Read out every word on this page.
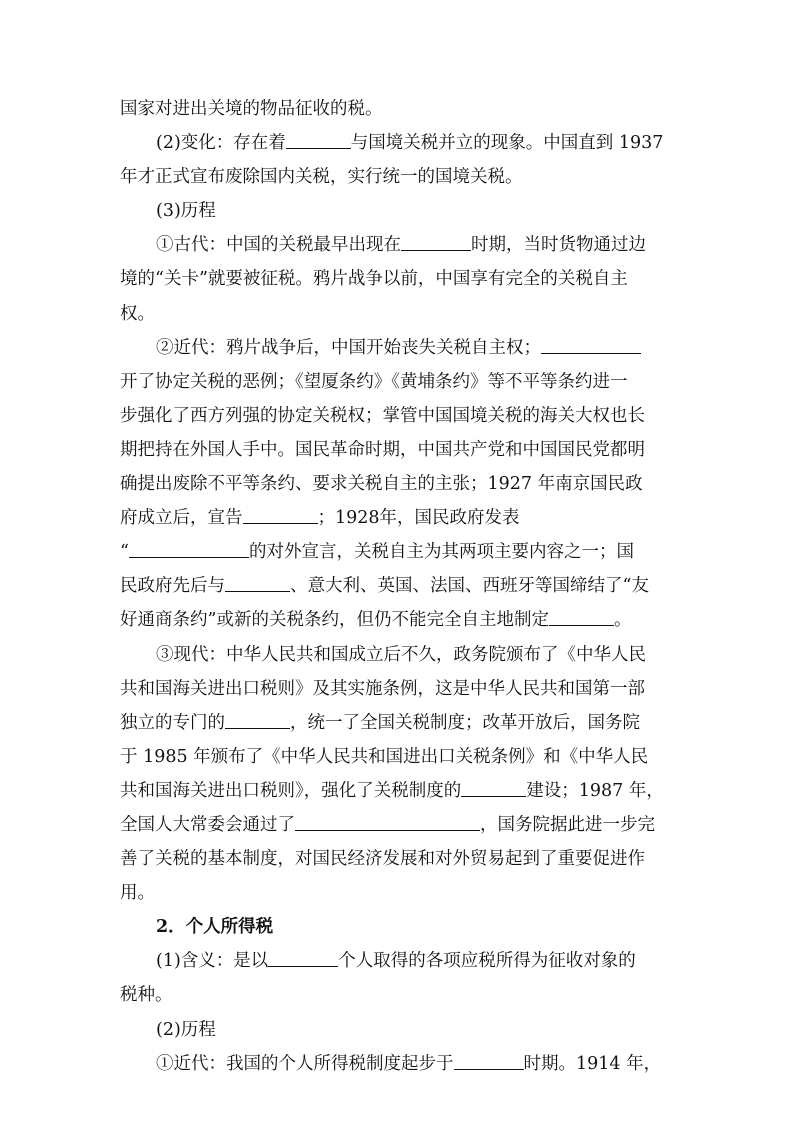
国家对进出关境的物品征收的税。
(2)变化：存在着	与国境关税并立的现象。中国直到 1937
年才正式宣布废除国内关税，实行统一的国境关税。
(3)历程
①古代：中国的关税最早出现在	时期，当时货物通过边
境的“关卡”就要被征税。鸦片战争以前，中国享有完全的关税自主
权。
②近代：鸦片战争后，中国开始丧失关税自主权；
开了协定关税的恶例；《望厦条约》《黄埔条约》等不平等条约进一
步强化了西方列强的协定关税权；掌管中国国境关税的海关大权也长
期把持在外国人手中。国民革命时期，中国共产党和中国国民党都明
确提出废除不平等条约、要求关税自主的主张；1927 年南京国民政
府成立后，宣告	；1928年，国民政府发表
“	的对外宣言，关税自主为其两项主要内容之一；国
民政府先后与	、意大利、英国、法国、西班牙等国缔结了“友
好通商条约”或新的关税条约，但仍不能完全自主地制定	。
③现代：中华人民共和国成立后不久，政务院颁布了《中华人民
共和国海关进出口税则》及其实施条例，这是中华人民共和国第一部
独立的专门的	，统一了全国关税制度；改革开放后，国务院
于 1985 年颁布了《中华人民共和国进出口关税条例》和《中华人民
共和国海关进出口税则》，强化了关税制度的	建设；1987 年，
全国人大常委会通过了	，国务院据此进一步完
善了关税的基本制度，对国民经济发展和对外贸易起到了重要促进作
用。
2．个人所得税
(1)含义：是以	个人取得的各项应税所得为征收对象的
税种。
(2)历程
①近代：我国的个人所得税制度起步于	时期。1914 年，
